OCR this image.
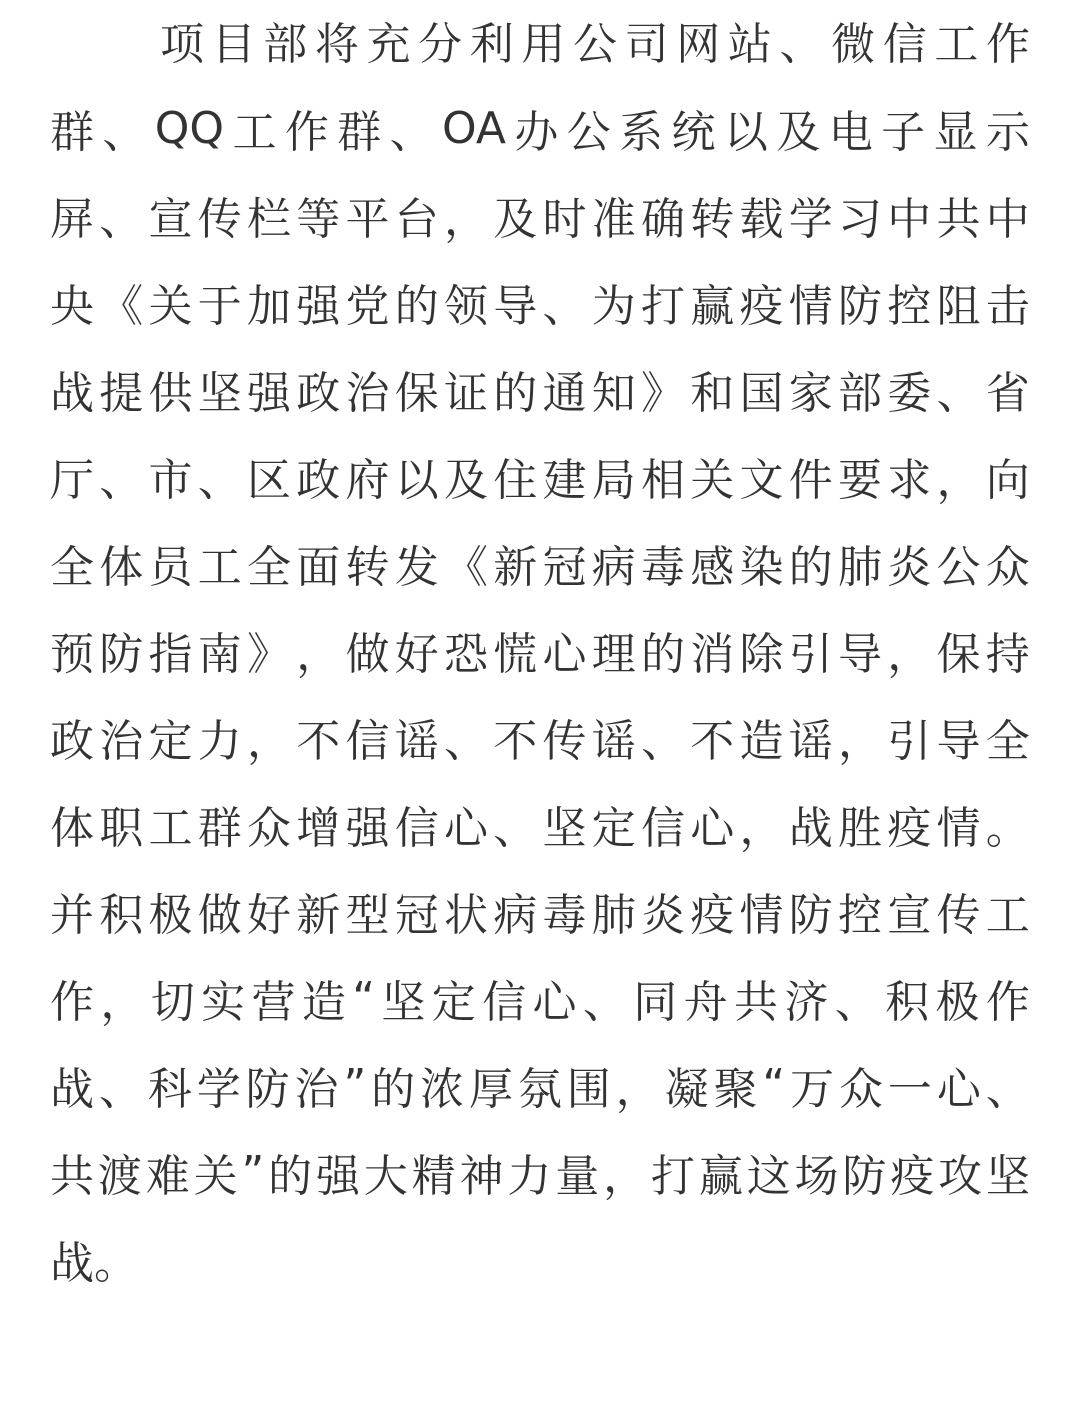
项 目 部 将 充 分 利 用 公 司 网 站 、 微 信 工 作
群 、 QQ 工 作 群 、 OA 办 公 系 统 以 及 电 子 显 示
屏 、 宣 传 栏 等 平 台 ， 及 时 准 确 转 载 学 习 中 共 中
央 《 关 于 加 强 党 的 领 导 、 为 打 赢 疫 情 防 控 阻 击
战 提 供 坚 强 政 治 保 证 的 通 知 》 和 国 家 部 委 、 省
厅 、 市 、 区 政 府 以 及 住 建 局 相 关 文 件 要 求 ， 向
全 体 员 工 全 面 转 发 《 新 冠 病 毒 感 染 的 肺 炎 公 众
预 防 指 南 》 ， 做 好 恐 慌 心 理 的 消 除 引 导 ， 保 持
政 治 定 力 ， 不 信 谣 、 不 传 谣 、 不 造 谣 ， 引 导 全
体 职 工 群 众 增 强 信 心 、 坚 定 信 心 ， 战 胜 疫 情 。
并 积 极 做 好 新 型 冠 状 病 毒 肺 炎 疫 情 防 控 宣 传 工
作 ， 切 实 营 造 “ 坚 定 信 心 、 同 舟 共 济 、 积 极 作
战 、 科 学 防 治 ” 的 浓 厚 氛 围 ， 凝 聚 “ 万 众 一 心 、
共 渡 难 关 ” 的 强 大 精 神 力 量 ， 打 赢 这 场 防 疫 攻 坚
战。
